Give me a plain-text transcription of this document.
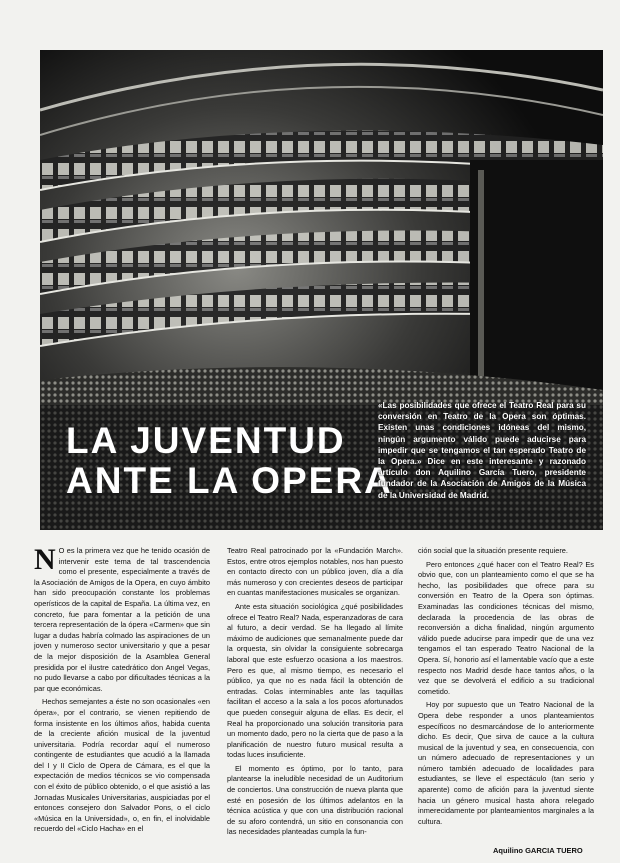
LA JUVENTUD
ANTE LA OPERA
«Las posibilidades que ofrece el Teatro Real para su conversión en Teatro de la Opera son óptimas. Existen unas condiciones idóneas del mismo, ningún argumento válido puede aducirse para impedir que se tengamos el tan esperado Teatro de la Opera.» Dice en este interesante y razonado artículo don Aquilino García Tuero, presidente fundador de la Asociación de Amigos de la Música de la Universidad de Madrid.

N O es la primera vez que he tenido ocasión de intervenir este tema de tal trascendencia como el presente, especialmente a través de la Asociación de Amigos de la Opera, en cuyo ámbito han sido preocupación constante los problemas operísticos de la capital de España. La última vez, en concreto, fue para fomentar a la petición de una tercera representación de la ópera «Carmen» que sin lugar a dudas habría colmado las aspiraciones de un joven y numeroso sector universitario y que a pesar de la mejor disposición de la Asamblea General presidida por el ilustre catedrático don Angel Vegas, no pudo llevarse a cabo por dificultades técnicas a la par que económicas.

Hechos semejantes a éste no son ocasionales «en ópera», por el contrario, se vienen repitiendo de forma insistente en los últimos años, habida cuenta de la creciente afición musical de la juventud universitaria. Podría recordar aquí el numeroso contingente de estudiantes que acudió a la llamada del I y II Ciclo de Opera de Cámara, es el que la expectación de medios técnicos se vio compensada con el éxito de público obtenido, o el que asistió a las Jornadas Musicales Universitarias, auspiciadas por el entonces consejero don Salvador Pons, o el ciclo «Música en la Universidad», o, en fin, el inolvidable recuerdo del «Ciclo Hacha» en el

Teatro Real patrocinado por la «Fundación March». Estos, entre otros ejemplos notables, nos han puesto en contacto directo con un público joven, día a día más numeroso y con crecientes deseos de participar en cuantas manifestaciones musicales se organizan.

Ante esta situación sociológica ¿qué posibilidades ofrece el Teatro Real? Nada, esperanzadoras de cara al futuro, a decir verdad. Se ha llegado al límite máximo de audiciones que semanalmente puede dar la orquesta, sin olvidar la consiguiente sobrecarga laboral que este esfuerzo ocasiona a los maestros. Pero es que, al mismo tiempo, es necesario el público, ya que no es nada fácil la obtención de entradas. Colas interminables ante las taquillas facilitan el acceso a la sala a los pocos afortunados que pueden conseguir alguna de ellas. Es decir, el Real ha proporcionado una solución transitoria para un momento dado, pero no la cierta que de paso a la planificación de nuestro futuro musical resulta a todas luces insuficiente.

El momento es óptimo, por lo tanto, para plantearse la ineludible necesidad de un Auditorium de conciertos. Una construcción de nueva planta que esté en posesión de los últimos adelantos en la técnica acústica y que con una distribución racional de su aforo contendrá, un sitio en consonancia con las necesidades planteadas cumpla la fun-

ción social que la situación presente requiere.

Pero entonces ¿qué hacer con el Teatro Real? Es obvio que, con un planteamiento como el que se ha hecho, las posibilidades que ofrece para su conversión en Teatro de la Opera son óptimas. Examinadas las condiciones técnicas del mismo, declarada la procedencia de las obras de reconversión a dicha finalidad, ningún argumento válido puede aducirse para impedir que de una vez tengamos el tan esperado Teatro Nacional de la Opera. Sí, honorio así el lamentable vacío que a este respecto nos Madrid desde hace tantos años, o la vez que se devolverá el edificio a su tradicional cometido.

Hoy por supuesto que un Teatro Nacional de la Opera debe responder a unos planteamientos específicos no desmarcándose de lo anteriormente dicho. Es decir, Que sirva de cauce a la cultura musical de la juventud y sea, en consecuencia, con un número adecuado de representaciones y un número también adecuado de localidades para estudiantes, se lleve el espectáculo (tan serio y aparente) como de afición para la juventud siente hacia un género musical hasta ahora relegado inmerecidamente por planteamientos marginales a la cultura.

Aquilino GARCIA TUERO
